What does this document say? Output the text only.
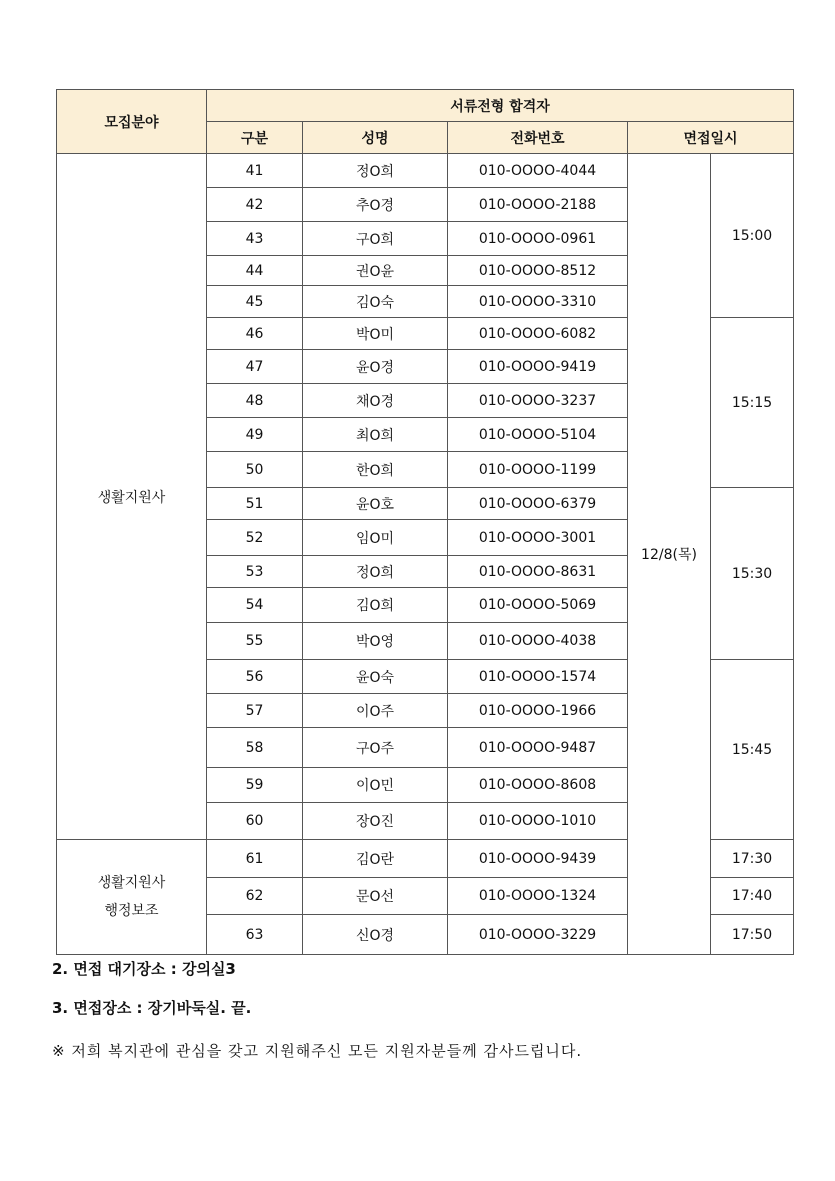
모집분야	서류전형 합격자				
	구분	성명	전화번호	면접일시	
생활지원사	41	정O희	010-OOOO-4044	12/8(목)	15:00
	42	추O경	010-OOOO-2188		
	43	구O희	010-OOOO-0961		
	44	권O윤	010-OOOO-8512		
	45	김O숙	010-OOOO-3310		
	46	박O미	010-OOOO-6082		15:15
	47	윤O경	010-OOOO-9419		
	48	채O경	010-OOOO-3237		
	49	최O희	010-OOOO-5104		
	50	한O희	010-OOOO-1199		
	51	윤O호	010-OOOO-6379		15:30
	52	임O미	010-OOOO-3001		
	53	정O희	010-OOOO-8631		
	54	김O희	010-OOOO-5069		
	55	박O영	010-OOOO-4038		
	56	윤O숙	010-OOOO-1574		15:45
	57	이O주	010-OOOO-1966		
	58	구O주	010-OOOO-9487		
	59	이O민	010-OOOO-8608		
	60	장O진	010-OOOO-1010		

생활지원사
행정보조	61	김O란	010-OOOO-9439		17:30
	62	문O선	010-OOOO-1324		17:40
	63	신O경	010-OOOO-3229		17:50
2. 면접 대기장소 : 강의실3
3. 면접장소 : 장기바둑실. 끝.
※ 저희 복지관에 관심을 갖고 지원해주신 모든 지원자분들께 감사드립니다.
